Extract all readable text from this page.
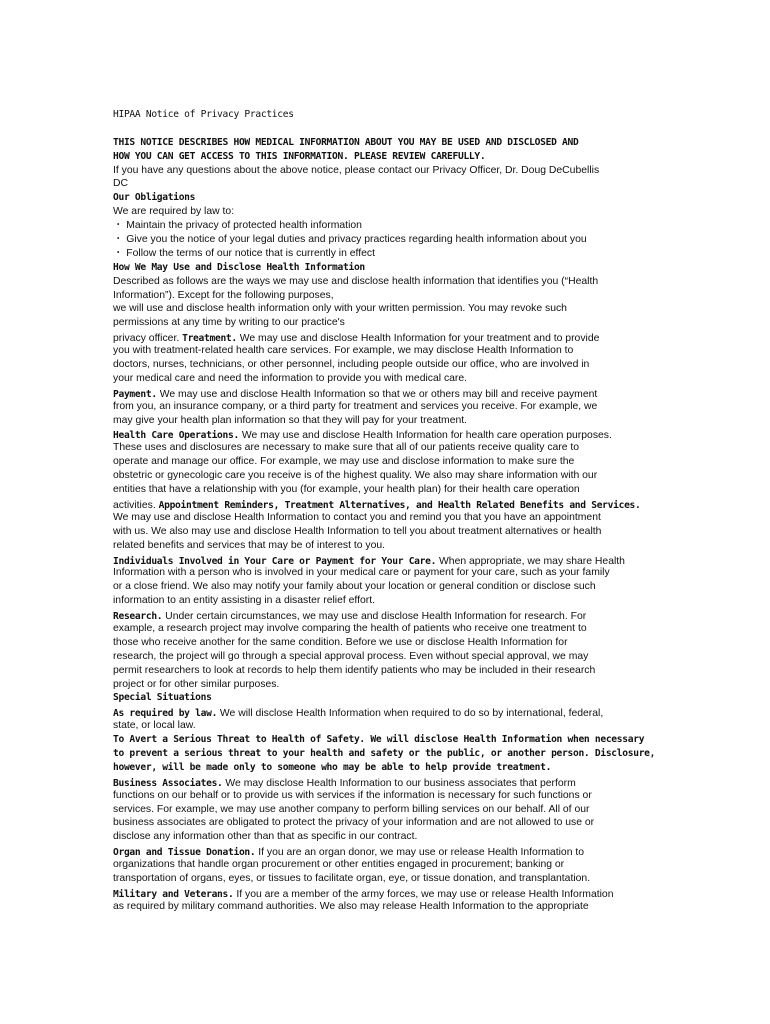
HIPAA Notice of Privacy Practices
THIS NOTICE DESCRIBES HOW MEDICAL INFORMATION ABOUT YOU MAY BE USED AND DISCLOSED AND
HOW YOU CAN GET ACCESS TO THIS INFORMATION. PLEASE REVIEW CAREFULLY.
If you have any questions about the above notice, please contact our Privacy Officer, Dr. Doug DeCubellis
DC
Our Obligations
We are required by law to:
・ Maintain the privacy of protected health information
・ Give you the notice of your legal duties and privacy practices regarding health information about you
・ Follow the terms of our notice that is currently in effect
How We May Use and Disclose Health Information
Described as follows are the ways we may use and disclose health information that identifies you (“Health
Information”). Except for the following purposes,
we will use and disclose health information only with your written permission. You may revoke such
permissions at any time by writing to our practice's
privacy officer. Treatment. We may use and disclose Health Information for your treatment and to provide
you with treatment-related health care services. For example, we may disclose Health Information to
doctors, nurses, technicians, or other personnel, including people outside our office, who are involved in
your medical care and need the information to provide you with medical care.
Payment. We may use and disclose Health Information so that we or others may bill and receive payment
from you, an insurance company, or a third party for treatment and services you receive. For example, we
may give your health plan information so that they will pay for your treatment.
Health Care Operations. We may use and disclose Health Information for health care operation purposes.
These uses and disclosures are necessary to make sure that all of our patients receive quality care to
operate and manage our office. For example, we may use and disclose information to make sure the
obstetric or gynecologic care you receive is of the highest quality. We also may share information with our
entities that have a relationship with you (for example, your health plan) for their health care operation
activities. Appointment Reminders, Treatment Alternatives, and Health Related Benefits and Services.
We may use and disclose Health Information to contact you and remind you that you have an appointment
with us. We also may use and disclose Health Information to tell you about treatment alternatives or health
related benefits and services that may be of interest to you.
Individuals Involved in Your Care or Payment for Your Care. When appropriate, we may share Health
Information with a person who is involved in your medical care or payment for your care, such as your family
or a close friend. We also may notify your family about your location or general condition or disclose such
information to an entity assisting in a disaster relief effort.
Research. Under certain circumstances, we may use and disclose Health Information for research. For
example, a research project may involve comparing the health of patients who receive one treatment to
those who receive another for the same condition. Before we use or disclose Health Information for
research, the project will go through a special approval process. Even without special approval, we may
permit researchers to look at records to help them identify patients who may be included in their research
project or for other similar purposes.
Special Situations
As required by law. We will disclose Health Information when required to do so by international, federal,
state, or local law.
To Avert a Serious Threat to Health of Safety. We will disclose Health Information when necessary
to prevent a serious threat to your health and safety or the public, or another person. Disclosure,
however, will be made only to someone who may be able to help provide treatment.
Business Associates. We may disclose Health Information to our business associates that perform
functions on our behalf or to provide us with services if the information is necessary for such functions or
services. For example, we may use another company to perform billing services on our behalf. All of our
business associates are obligated to protect the privacy of your information and are not allowed to use or
disclose any information other than that as specific in our contract.
Organ and Tissue Donation. If you are an organ donor, we may use or release Health Information to
organizations that handle organ procurement or other entities engaged in procurement; banking or
transportation of organs, eyes, or tissues to facilitate organ, eye, or tissue donation, and transplantation.
Military and Veterans. If you are a member of the army forces, we may use or release Health Information
as required by military command authorities. We also may release Health Information to the appropriate
